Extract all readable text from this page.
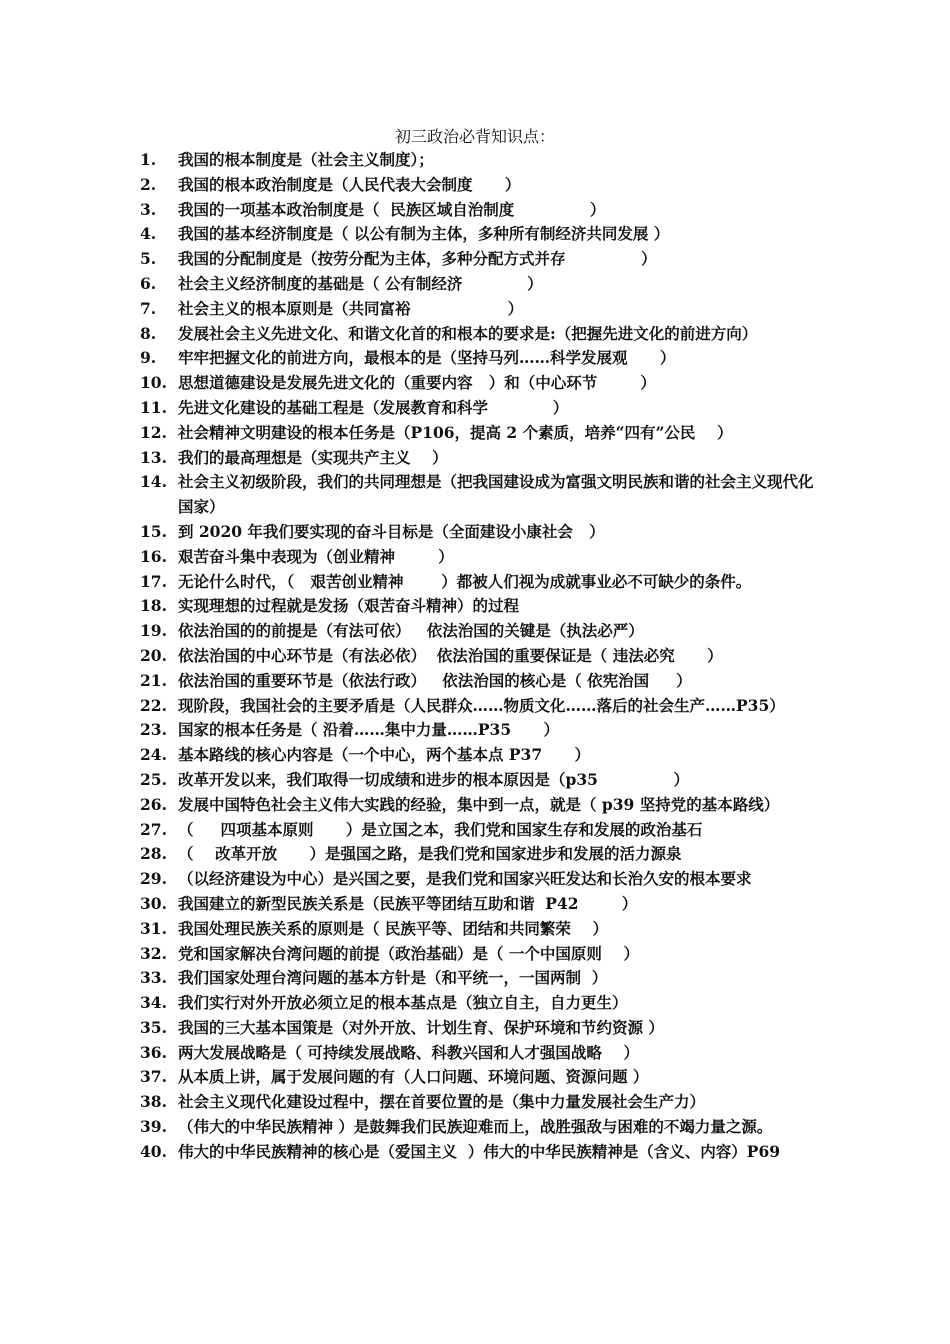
初三政治必背知识点：
1.	我国的根本制度是（社会主义制度）；
2.	我国的根本政治制度是（人民代表大会制度      ）
3.	我国的一项基本政治制度是（  民族区域自治制度              ）
4.	我国的基本经济制度是（ 以公有制为主体，多种所有制经济共同发展 ）
5.	我国的分配制度是（按劳分配为主体，多种分配方式并存              ）
6.	社会主义经济制度的基础是（ 公有制经济            ）
7.	社会主义的根本原则是（共同富裕                  ）
8.	发展社会主义先进文化、和谐文化首的和根本的要求是:（把握先进文化的前进方向）
9.	牢牢把握文化的前进方向，最根本的是（坚持马列……科学发展观      ）
10. 思想道德建设是发展先进文化的（重要内容   ）和（中心环节        ）
11. 先进文化建设的基础工程是（发展教育和科学            ）
12. 社会精神文明建设的根本任务是（P106，提高 2 个素质，培养“四有”公民    ）
13. 我们的最高理想是（实现共产主义    ）
14. 社会主义初级阶段，我们的共同理想是（把我国建设成为富强文明民族和谐的社会主义现代化国家）
15. 到 2020 年我们要实现的奋斗目标是（全面建设小康社会   ）
16. 艰苦奋斗集中表现为（创业精神        ）
17. 无论什么时代，（   艰苦创业精神       ）都被人们视为成就事业必不可缺少的条件。
18. 实现理想的过程就是发扬（艰苦奋斗精神）的过程
19. 依法治国的的前提是（有法可依）   依法治国的关键是（执法必严）
20. 依法治国的中心环节是（有法必依）  依法治国的重要保证是（ 违法必究      ）
21. 依法治国的重要环节是（依法行政）   依法治国的核心是（ 依宪治国     ）
22. 现阶段，我国社会的主要矛盾是（人民群众……物质文化……落后的社会生产……P35）
23. 国家的根本任务是（ 沿着……集中力量……P35      ）
24. 基本路线的核心内容是（一个中心，两个基本点 P37      ）
25. 改革开发以来，我们取得一切成绩和进步的根本原因是（p35              ）
26. 发展中国特色社会主义伟大实践的经验，集中到一点，就是（ p39 坚持党的基本路线）
27. （     四项基本原则      ）是立国之本，我们党和国家生存和发展的政治基石
28. （    改革开放      ）是强国之路，是我们党和国家进步和发展的活力源泉
29. （以经济建设为中心）是兴国之要，是我们党和国家兴旺发达和长治久安的根本要求
30. 我国建立的新型民族关系是（民族平等团结互助和谐  P42        ）
31. 我国处理民族关系的原则是（ 民族平等、团结和共同繁荣    ）
32. 党和国家解决台湾问题的前提（政治基础）是（ 一个中国原则    ）
33. 我们国家处理台湾问题的基本方针是（和平统一，一国两制  ）
34. 我们实行对外开放必须立足的根本基点是（独立自主，自力更生）
35. 我国的三大基本国策是（对外开放、计划生育、保护环境和节约资源 ）
36. 两大发展战略是（ 可持续发展战略、科教兴国和人才强国战略    ）
37. 从本质上讲，属于发展问题的有（人口问题、环境问题、资源问题 ）
38. 社会主义现代化建设过程中，摆在首要位置的是（集中力量发展社会生产力）
39. （伟大的中华民族精神 ）是鼓舞我们民族迎难而上，战胜强敌与困难的不竭力量之源。
40. 伟大的中华民族精神的核心是（爱国主义  ）伟大的中华民族精神是（含义、内容）P69
